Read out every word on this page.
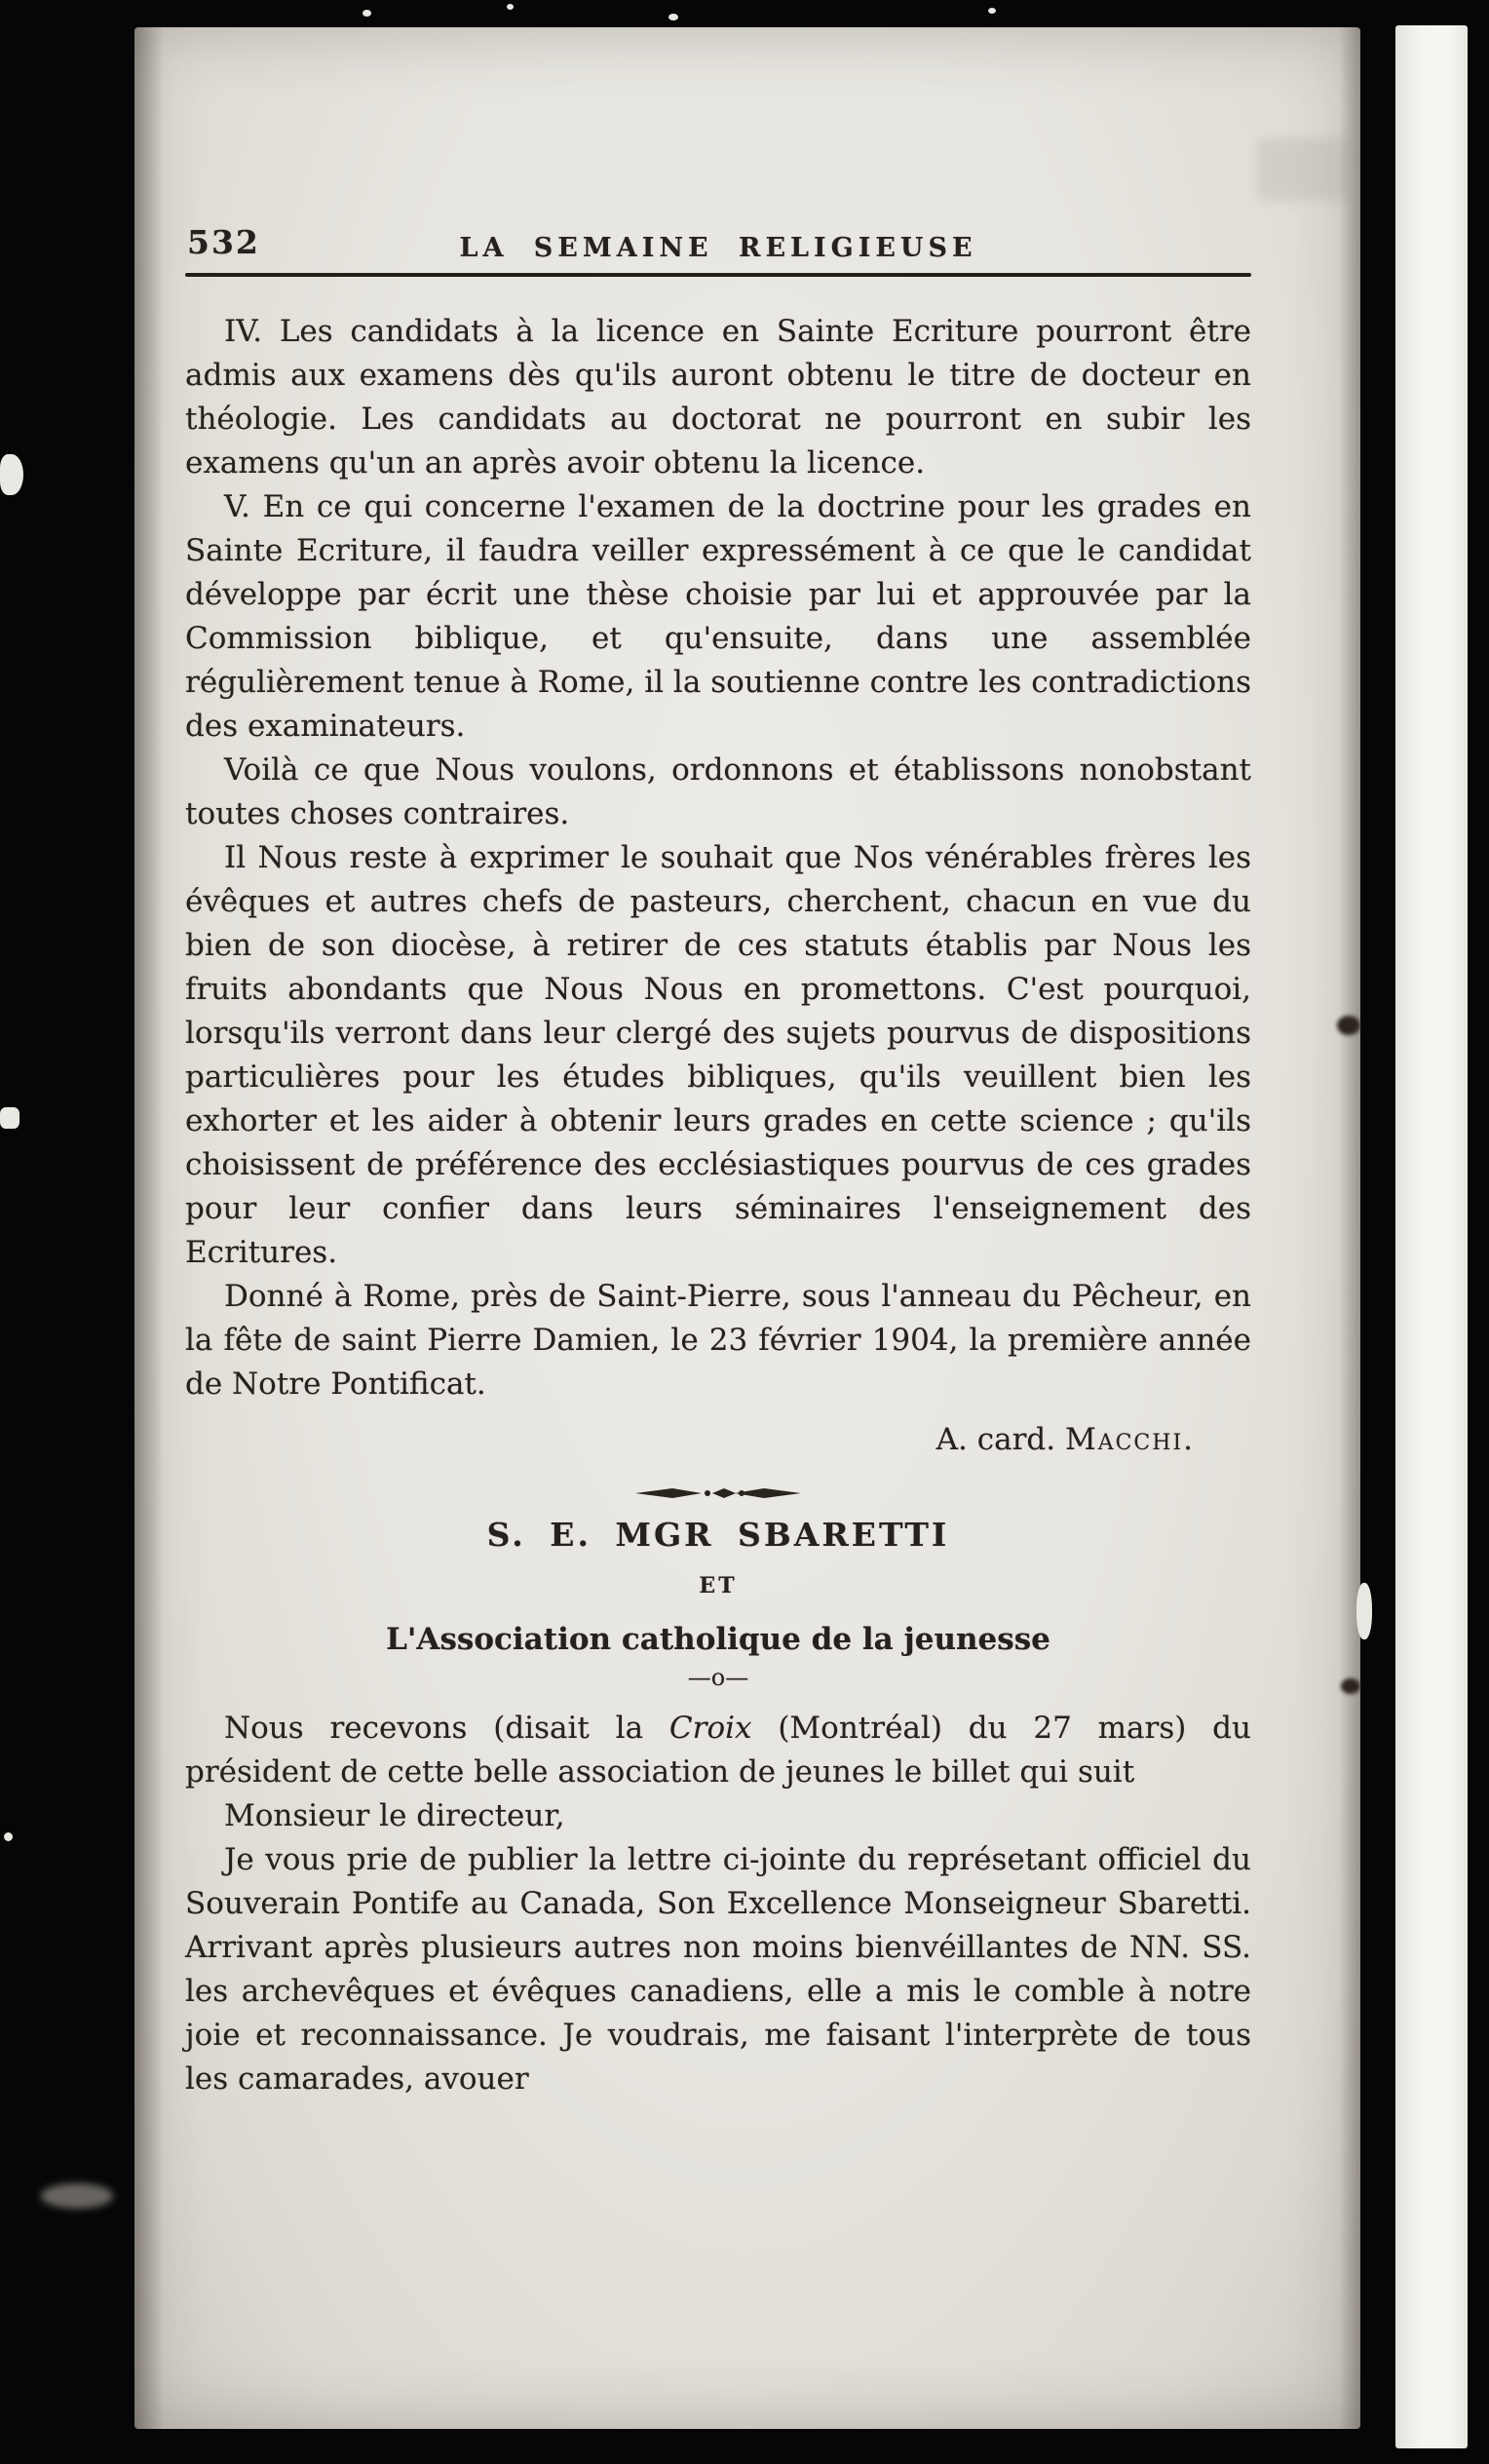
532	LA SEMAINE RELIGIEUSE

IV. Les candidats à la licence en Sainte Ecriture pourront être admis aux examens dès qu'ils auront obtenu le titre de docteur en théologie. Les candidats au doctorat ne pourront en subir les examens qu'un an après avoir obtenu la licence.

V. En ce qui concerne l'examen de la doctrine pour les grades en Sainte Ecriture, il faudra veiller expressément à ce que le candidat développe par écrit une thèse choisie par lui et approuvée par la Commission biblique, et qu'ensuite, dans une assemblée régulièrement tenue à Rome, il la soutienne contre les contradictions des examinateurs.

Voilà ce que Nous voulons, ordonnons et établissons nonobstant toutes choses contraires.

Il Nous reste à exprimer le souhait que Nos vénérables frères les évêques et autres chefs de pasteurs, cherchent, chacun en vue du bien de son diocèse, à retirer de ces statuts établis par Nous les fruits abondants que Nous Nous en promettons. C'est pourquoi, lorsqu'ils verront dans leur clergé des sujets pourvus de dispositions particulières pour les études bibliques, qu'ils veuillent bien les exhorter et les aider à obtenir leurs grades en cette science ; qu'ils choisissent de préférence des ecclésiastiques pourvus de ces grades pour leur confier dans leurs séminaires l'enseignement des Ecritures.

Donné à Rome, près de Saint-Pierre, sous l'anneau du Pêcheur, en la fête de saint Pierre Damien, le 23 février 1904, la première année de Notre Pontificat.

A. card. Macchi.
S. E. MGR SBARETTI
ET
L'Association catholique de la jeunesse
—o—

Nous recevons (disait la Croix (Montréal) du 27 mars) du président de cette belle association de jeunes le billet qui suit

Monsieur le directeur,

Je vous prie de publier la lettre ci-jointe du représetant officiel du Souverain Pontife au Canada, Son Excellence Monseigneur Sbaretti. Arrivant après plusieurs autres non moins bienvéillantes de NN. SS. les archevêques et évêques canadiens, elle a mis le comble à notre joie et reconnaissance. Je voudrais, me faisant l'interprète de tous les camarades, avouer
